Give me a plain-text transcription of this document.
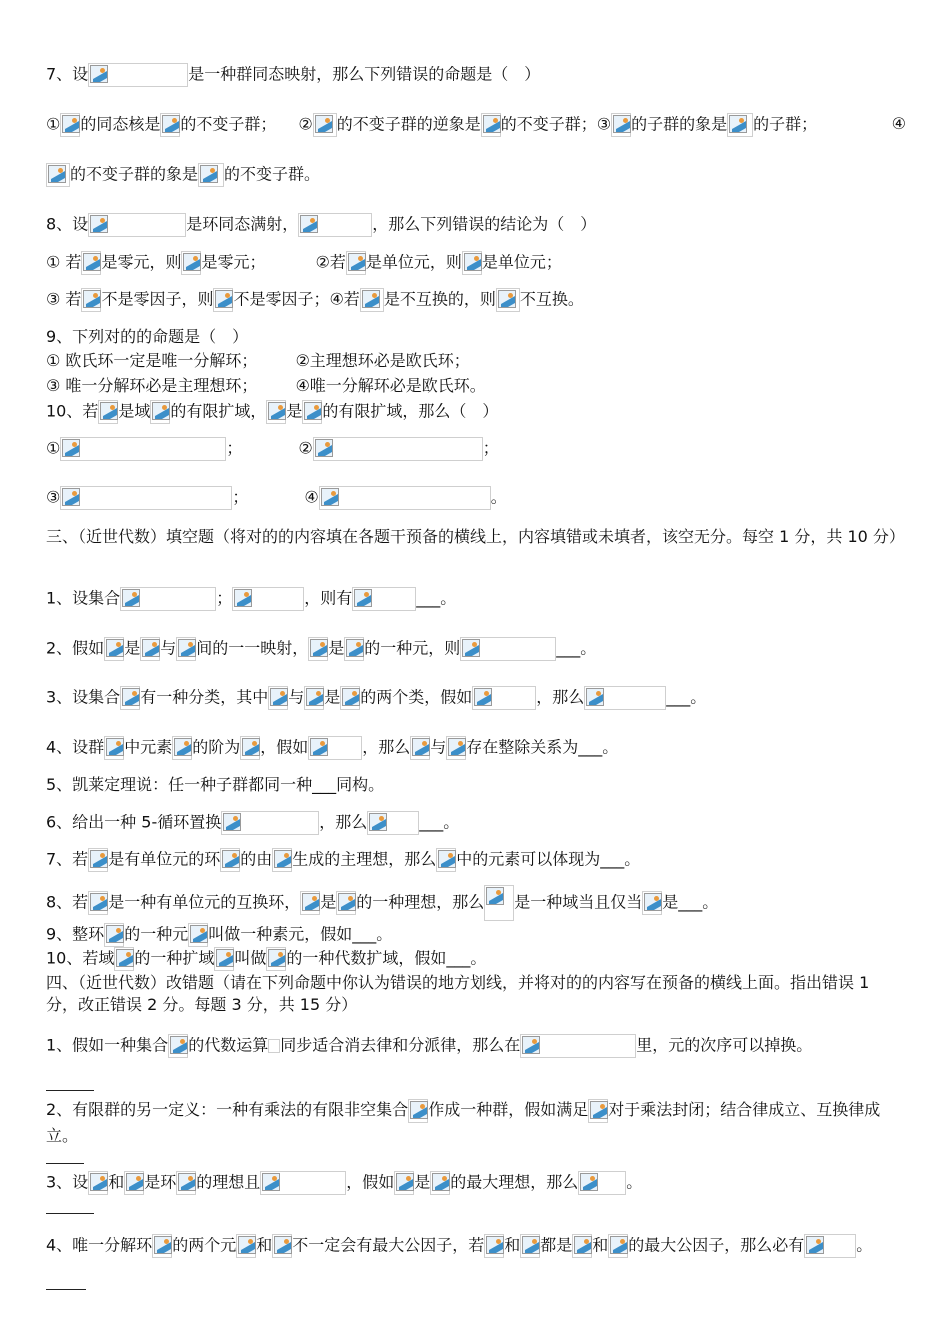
7、设	是一种群同态映射，那么下列错误的命题是（　）
① 的同态核是 的不变子群； ② 的不变子群的逆象是 的不变子群；③ 的子群的象是 的子群；	④
的不变子群的象是 的不变子群。
8、设	是环同态满射，	，那么下列错误的结论为（　）
① 若 是零元，则 是零元；	②若 是单位元，则 是单位元；
③ 若 不是零因子，则 不是零因子；④若 是不互换的，则 不互换。
9、下列对的的命题是（　）
① 欧氏环一定是唯一分解环； ②主理想环必是欧氏环；
③ 唯一分解环必是主理想环； ④唯一分解环必是欧氏环。
10、若 是域 的有限扩域， 是 的有限扩域，那么（　）
①	；	②	；
③	；	④	。
三、（近世代数）填空题（将对的的内容填在各题干预备的横线上，内容填错或未填者，该空无分。每空 1 分，共 10 分）
1、设集合	；	，则有	___。
2、假如 是 与 间的一一映射， 是 的一种元，则	___。
3、设集合 有一种分类，其中 与 是 的两个类，假如	，那么	___。
4、设群 中元素 的阶为 ，假如	，那么 与 存在整除关系为___。
5、凯莱定理说：任一种子群都同一种___同构。
6、给出一种 5-循环置换	，那么	___。
7、若 是有单位元的环 的由 生成的主理想，那么 中的元素可以体现为___。
8、若 是一种有单位元的互换环， 是 的一种理想，那么 是一种域当且仅当 是___。
9、整环 的一种元 叫做一种素元，假如___。
10、若域 的一种扩域 叫做 的一种代数扩域，假如___。
四、（近世代数）改错题（请在下列命题中你认为错误的地方划线，并将对的的内容写在预备的横线上面。指出错误 1 分，改正错误 2 分。每题 3 分，共 15 分）
1、假如一种集合 的代数运算 同步适合消去律和分派律，那么在	里，元的次序可以掉换。
2、有限群的另一定义：一种有乘法的有限非空集合 作成一种群，假如满足 对于乘法封闭；结合律成立、互换律成立。
3、设 和 是环 的理想且	，假如 是 的最大理想，那么	。
4、唯一分解环 的两个元 和 不一定会有最大公因子，若 和 都是 和 的最大公因子，那么必有	。
